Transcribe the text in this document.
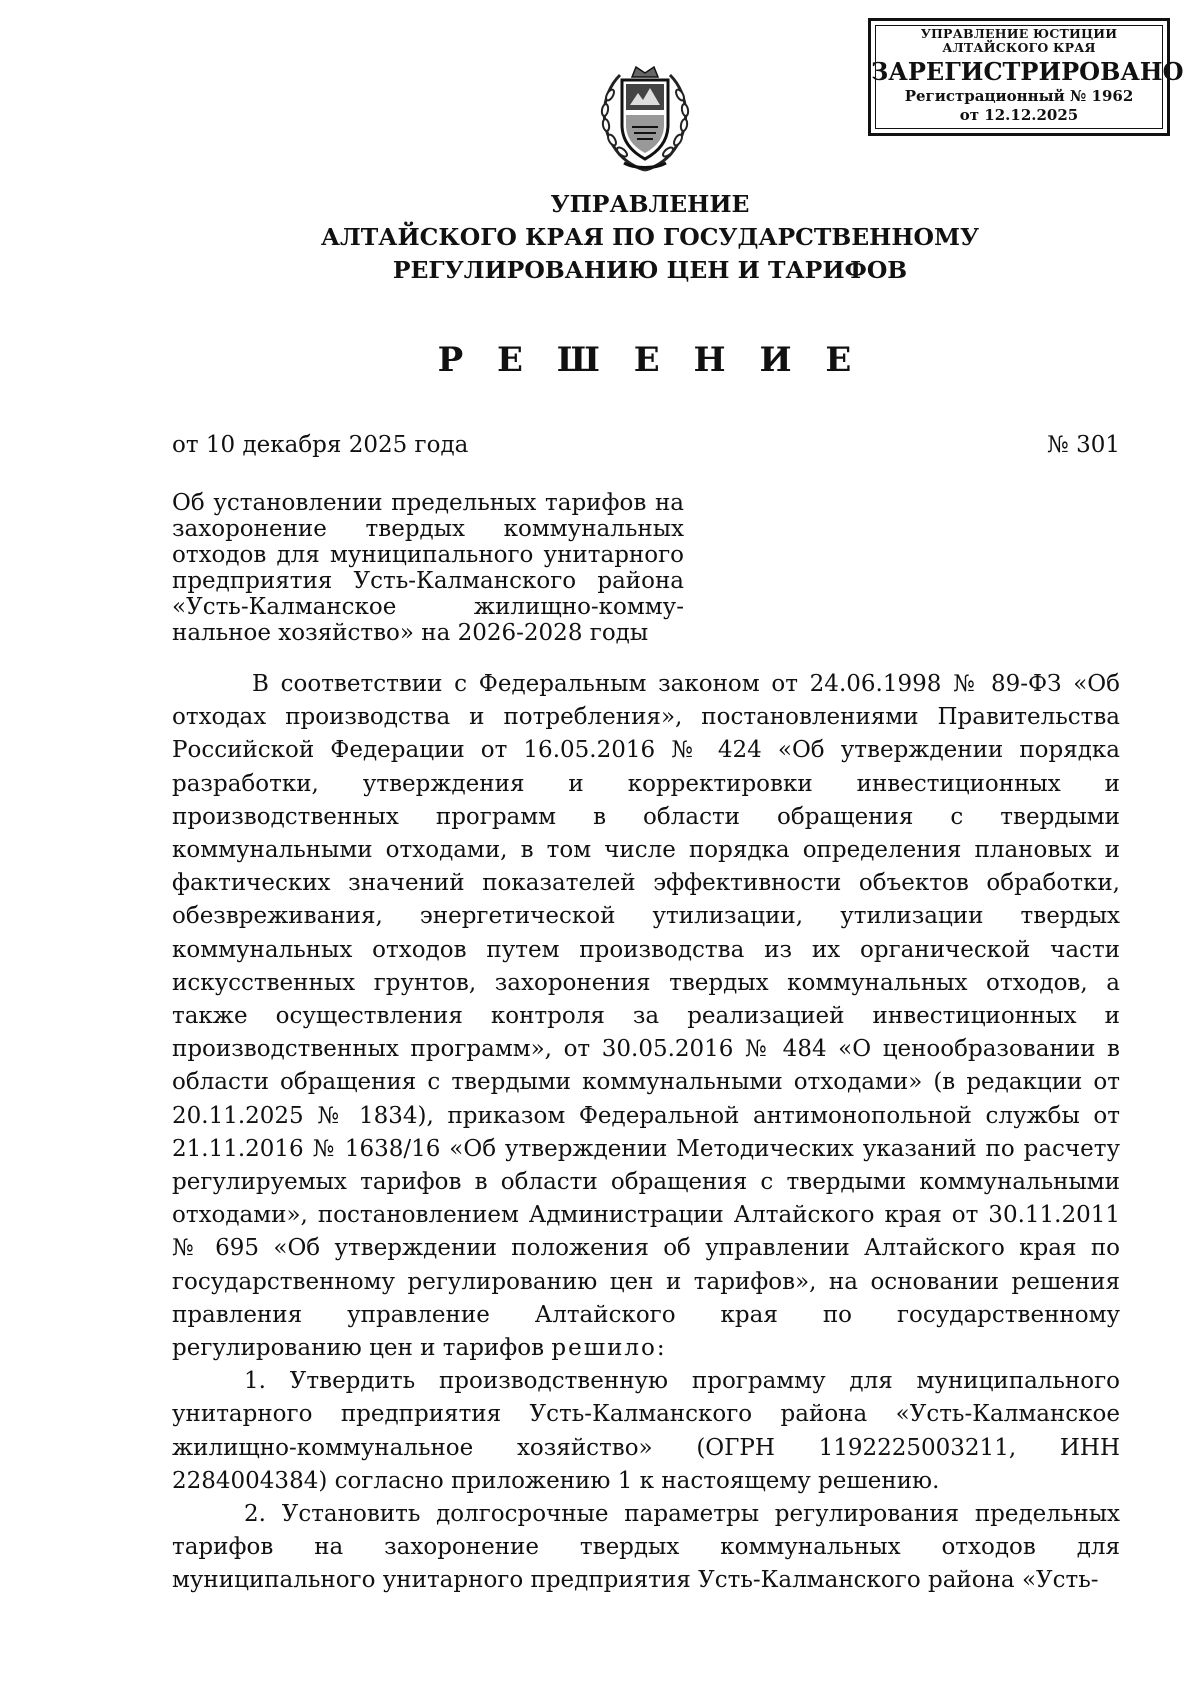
УПРАВЛЕНИЕ ЮСТИЦИИ
АЛТАЙСКОГО КРАЯ
ЗАРЕГИСТРИРОВАНО
Регистрационный № 1962
от 12.12.2025
УПРАВЛЕНИЕ
АЛТАЙСКОГО КРАЯ ПО ГОСУДАРСТВЕННОМУ
РЕГУЛИРОВАНИЮ ЦЕН И ТАРИФОВ
Р Е Ш Е Н И Е
от 10 декабря 2025 года	№ 301
Об установлении предельных тарифов на захоронение твердых коммунальных отходов для муниципального унитарного предприятия Усть-Калманского района «Усть-Калманское жилищно-комму-нальное хозяйство» на 2026-2028 годы

В соответствии с Федеральным законом от 24.06.1998 № 89-ФЗ «Об отходах производства и потребления», постановлениями Правительства Российской Федерации от 16.05.2016 № 424 «Об утверждении порядка разработки, утверждения и корректировки инвестиционных и производственных программ в области обращения с твердыми коммунальными отходами, в том числе порядка определения плановых и фактических значений показателей эффективности объектов обработки, обезвреживания, энергетической утилизации, утилизации твердых коммунальных отходов путем производства из их органической части искусственных грунтов, захоронения твердых коммунальных отходов, а также осуществления контроля за реализацией инвестиционных и производственных программ», от 30.05.2016 № 484 «О ценообразовании в области обращения с твердыми коммунальными отходами» (в редакции от 20.11.2025 № 1834), приказом Федеральной антимонопольной службы от 21.11.2016 № 1638/16 «Об утверждении Методических указаний по расчету регулируемых тарифов в области обращения с твердыми коммунальными отходами», постановлением Администрации Алтайского края от 30.11.2011 № 695 «Об утверждении положения об управлении Алтайского края по государственному регулированию цен и тарифов», на основании решения правления управление Алтайского края по государственному регулированию цен и тарифов решило:

1. Утвердить производственную программу для муниципального унитарного предприятия Усть-Калманского района «Усть-Калманское жилищно-коммунальное хозяйство» (ОГРН 1192225003211, ИНН 2284004384) согласно приложению 1 к настоящему решению.

2. Установить долгосрочные параметры регулирования предельных тарифов на захоронение твердых коммунальных отходов для муниципального унитарного предприятия Усть-Калманского района «Усть-
